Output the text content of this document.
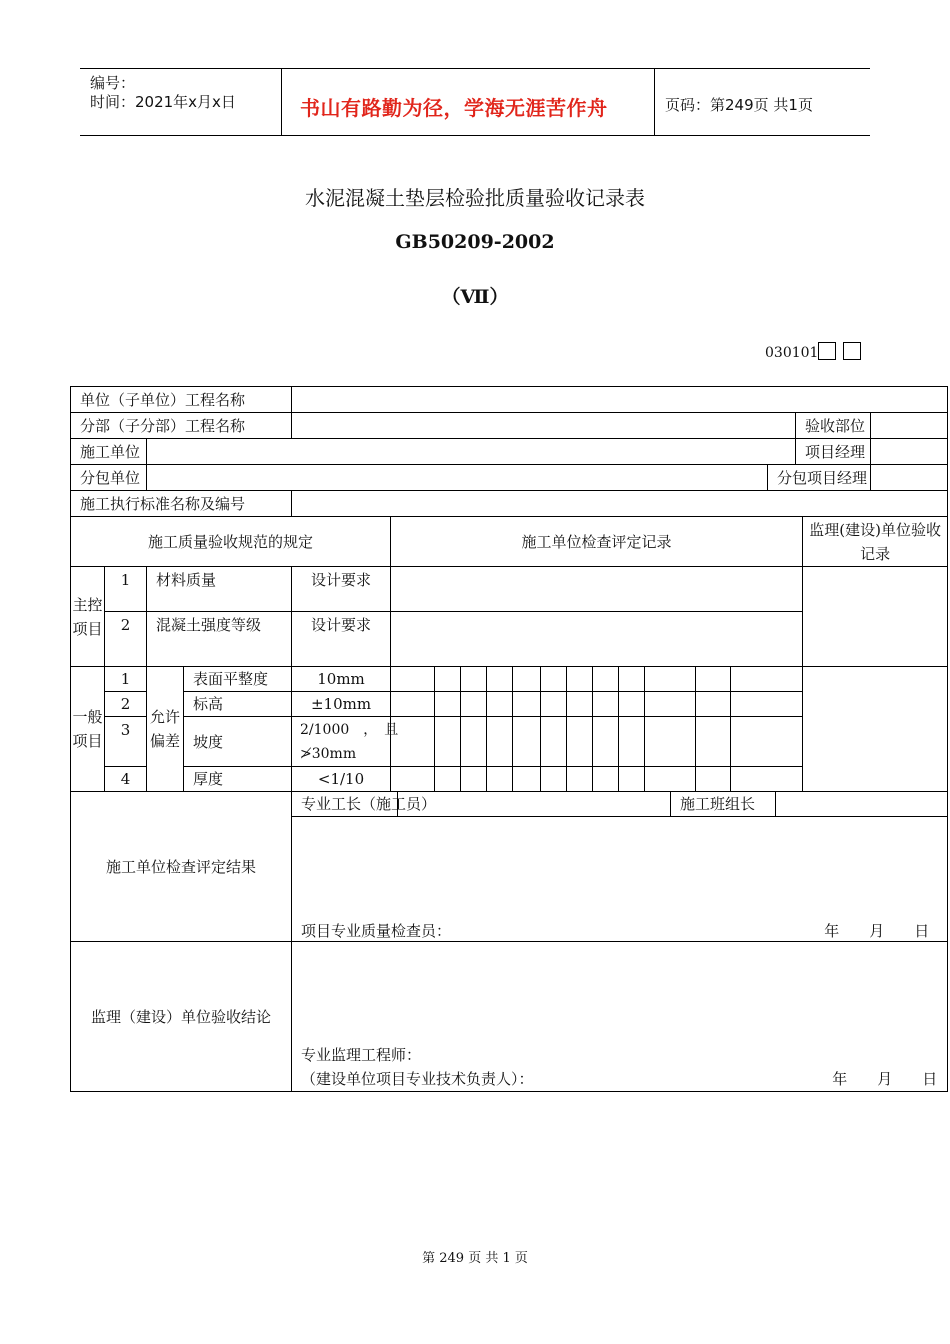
编号：
时间：2021年x月x日	书山有路勤为径，学海无涯苦作舟	页码：第249页 共1页
水泥混凝土垫层检验批质量验收记录表
GB50209-2002
（Ⅶ）
030101
单位（子单位）工程名称																							
分部（子分部）工程名称																					验收部位		
施工单位																					项目经理		
分包单位																			分包项目经理				
施工执行标准名称及编号																							
施工质量验收规范的规定					施工单位检查评定记录																	监理(建设)单位验收记录	
主控项目	1	材料质量		设计要求																			
	2	混凝土强度等级		设计要求																			
一般项目	1	允许偏差	表面平整度	10mm																			
	2		标高	±10mm																			
	3		坡度	2/1000　，　且
≯30mm																			

	4		厚度	<1/10																			
施工单位检查评定结果				专业工长（施工员）												施工班组长							

				项目专业质量检查员： 年　　月　　日																			

监理（建设）单位验收结论				专业监理工程师：
（建设单位项目专业技术负责人）： 年　　月　　日																			
第 249 页 共 1 页
